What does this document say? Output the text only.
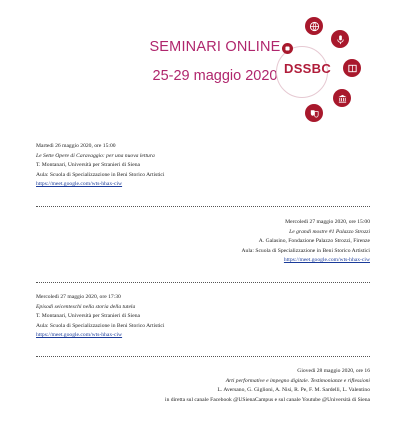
SEMINARI ONLINE
25-29 maggio 2020 DSSBC
Martedì 26 maggio 2020, ore 15:00
Le Sette Opere di Caravaggio: per una nuova lettura
T. Montanari, Università per Stranieri di Siena
Aula: Scuola di Specializzazione in Beni Storico Artistici
https://meet.google.com/wts-hhax-ciw
Mercoledì 27 maggio 2020, ore 15:00
Le grandi mostre #1 Palazzo Strozzi
A. Galasino, Fondazione Palazzo Strozzi, Firenze
Aula: Scuola di Specializzazione in Beni Storico Artistici
https://meet.google.com/wts-hhax-ciw
Mercoledì 27 maggio 2020, ore 17:30
Episodi seicenteschi nella storia della tutela
T. Montanari, Università per Stranieri di Siena
Aula: Scuola di Specializzazione in Beni Storico Artistici
https://meet.google.com/wts-hhax-ciw
Giovedì 28 maggio 2020, ore 16
Arti performative e impegno digitale. Testimonianze e riflessioni
L. Aversano, G. Giglioni, A. Nisi, R. Pe, F. M. Sardelli, L. Valentino
in diretta sul canale Facebook @USienaCampus e sul canale Youtube @Università di Siena
